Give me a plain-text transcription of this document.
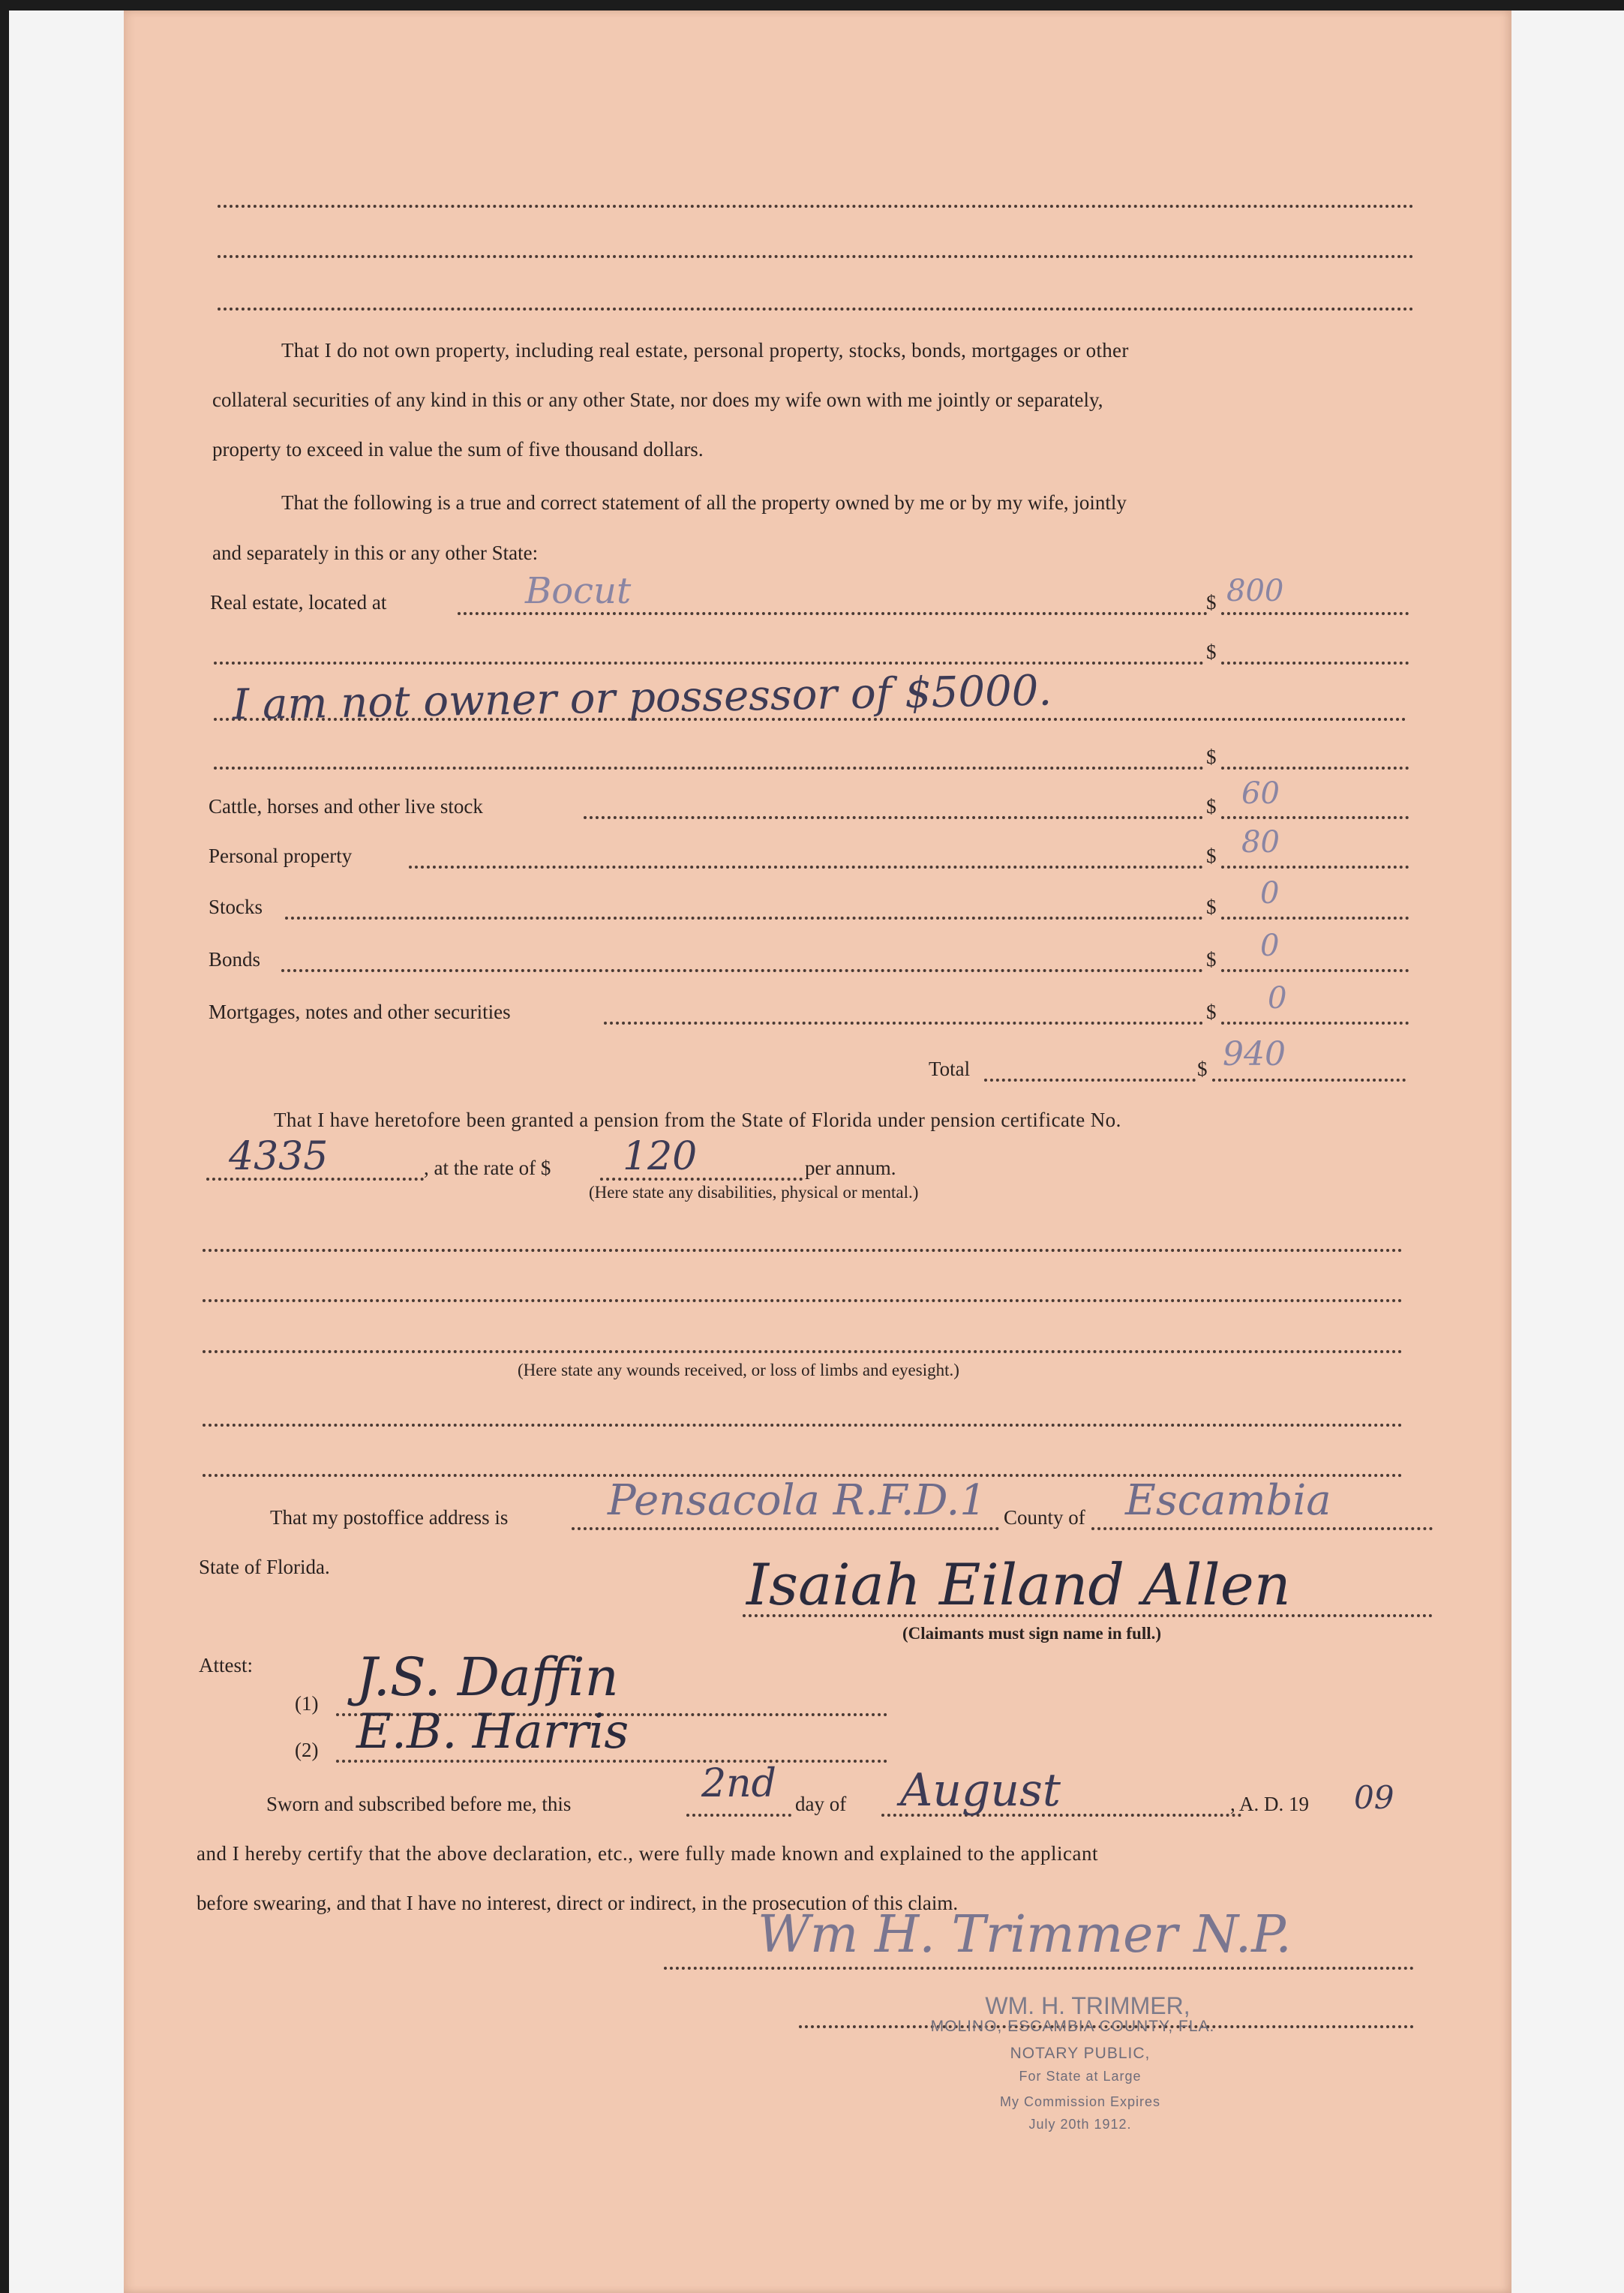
That I do not own property, including real estate, personal property, stocks, bonds, mortgages or other
collateral securities of any kind in this or any other State, nor does my wife own with me jointly or separately,
property to exceed in value the sum of five thousand dollars.
That the following is a true and correct statement of all the property owned by me or by my wife, jointly
and separately in this or any other State:
Real estate, located at	Bocut	$ 800
$
I am not owner or possessor of $5000.
$
Cattle, horses and other live stock	$ 60
Personal property	$ 80
Stocks	$ 0
Bonds	$ 0
Mortgages, notes and other securities	$ 0
Total	$ 940
That I have heretofore been granted a pension from the State of Florida under pension certificate No.
4335	, at the rate of $ 120	per annum.
(Here state any disabilities, physical or mental.)
(Here state any wounds received, or loss of limbs and eyesight.)
That my postoffice address is Pensacola R.F.D.1 County of Escambia
State of Florida.	Isaiah Eiland Allen
(Claimants must sign name in full.)
Attest:
(1) J.S. Daffin
(2) E.B. Harris
Sworn and subscribed before me, this	2nd day of August	, A. D. 19 09
and I hereby certify that the above declaration, etc., were fully made known and explained to the applicant
before swearing, and that I have no interest, direct or indirect, in the prosecution of this claim.
Wm H. Trimmer N.P.
WM. H. TRIMMER,
MOLINO, ESCAMBIA COUNTY, FLA.
NOTARY PUBLIC,
For State at Large
My Commission Expires
July 20th 1912.
